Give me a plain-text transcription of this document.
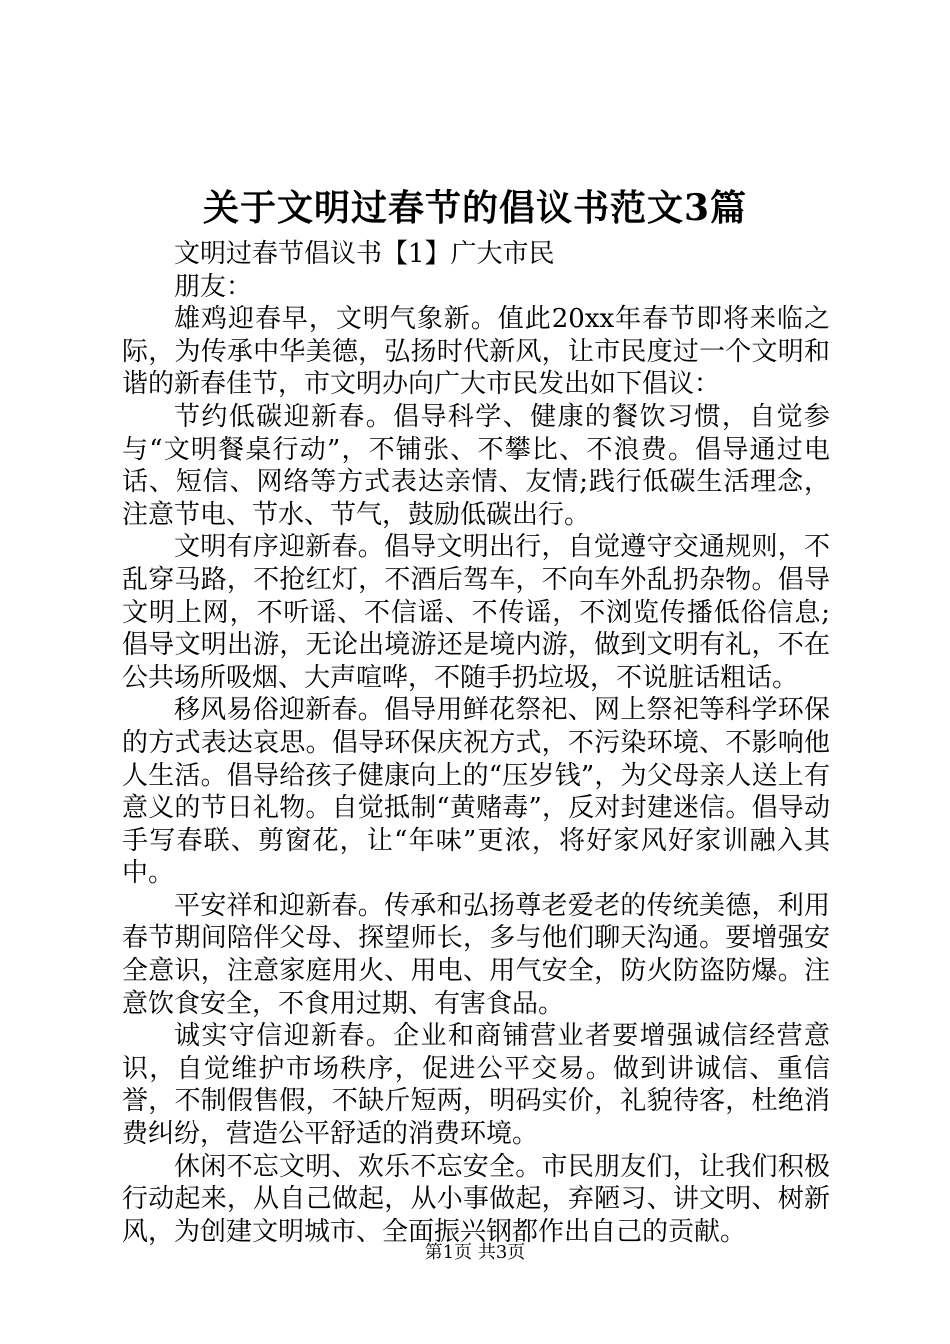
关于文明过春节的倡议书范文3篇

文明过春节倡议书【1】广大市民

朋友：

雄鸡迎春早，文明气象新。值此20xx年春节即将来临之际，为传承中华美德，弘扬时代新风，让市民度过一个文明和谐的新春佳节，市文明办向广大市民发出如下倡议：

节约低碳迎新春。倡导科学、健康的餐饮习惯，自觉参与“文明餐桌行动”，不铺张、不攀比、不浪费。倡导通过电话、短信、网络等方式表达亲情、友情;践行低碳生活理念，注意节电、节水、节气，鼓励低碳出行。

文明有序迎新春。倡导文明出行，自觉遵守交通规则，不乱穿马路，不抢红灯，不酒后驾车，不向车外乱扔杂物。倡导文明上网，不听谣、不信谣、不传谣，不浏览传播低俗信息;倡导文明出游，无论出境游还是境内游，做到文明有礼，不在公共场所吸烟、大声喧哗，不随手扔垃圾，不说脏话粗话。

移风易俗迎新春。倡导用鲜花祭祀、网上祭祀等科学环保的方式表达哀思。倡导环保庆祝方式，不污染环境、不影响他人生活。倡导给孩子健康向上的“压岁钱”，为父母亲人送上有意义的节日礼物。自觉抵制“黄赌毒”，反对封建迷信。倡导动手写春联、剪窗花，让“年味”更浓，将好家风好家训融入其中。

平安祥和迎新春。传承和弘扬尊老爱老的传统美德，利用春节期间陪伴父母、探望师长，多与他们聊天沟通。要增强安全意识，注意家庭用火、用电、用气安全，防火防盗防爆。注意饮食安全，不食用过期、有害食品。

诚实守信迎新春。企业和商铺营业者要增强诚信经营意识，自觉维护市场秩序，促进公平交易。做到讲诚信、重信誉，不制假售假，不缺斤短两，明码实价，礼貌待客，杜绝消费纠纷，营造公平舒适的消费环境。

休闲不忘文明、欢乐不忘安全。市民朋友们，让我们积极行动起来，从自己做起，从小事做起，弃陋习、讲文明、树新风，为创建文明城市、全面振兴钢都作出自己的贡献。

第1页 共3页
